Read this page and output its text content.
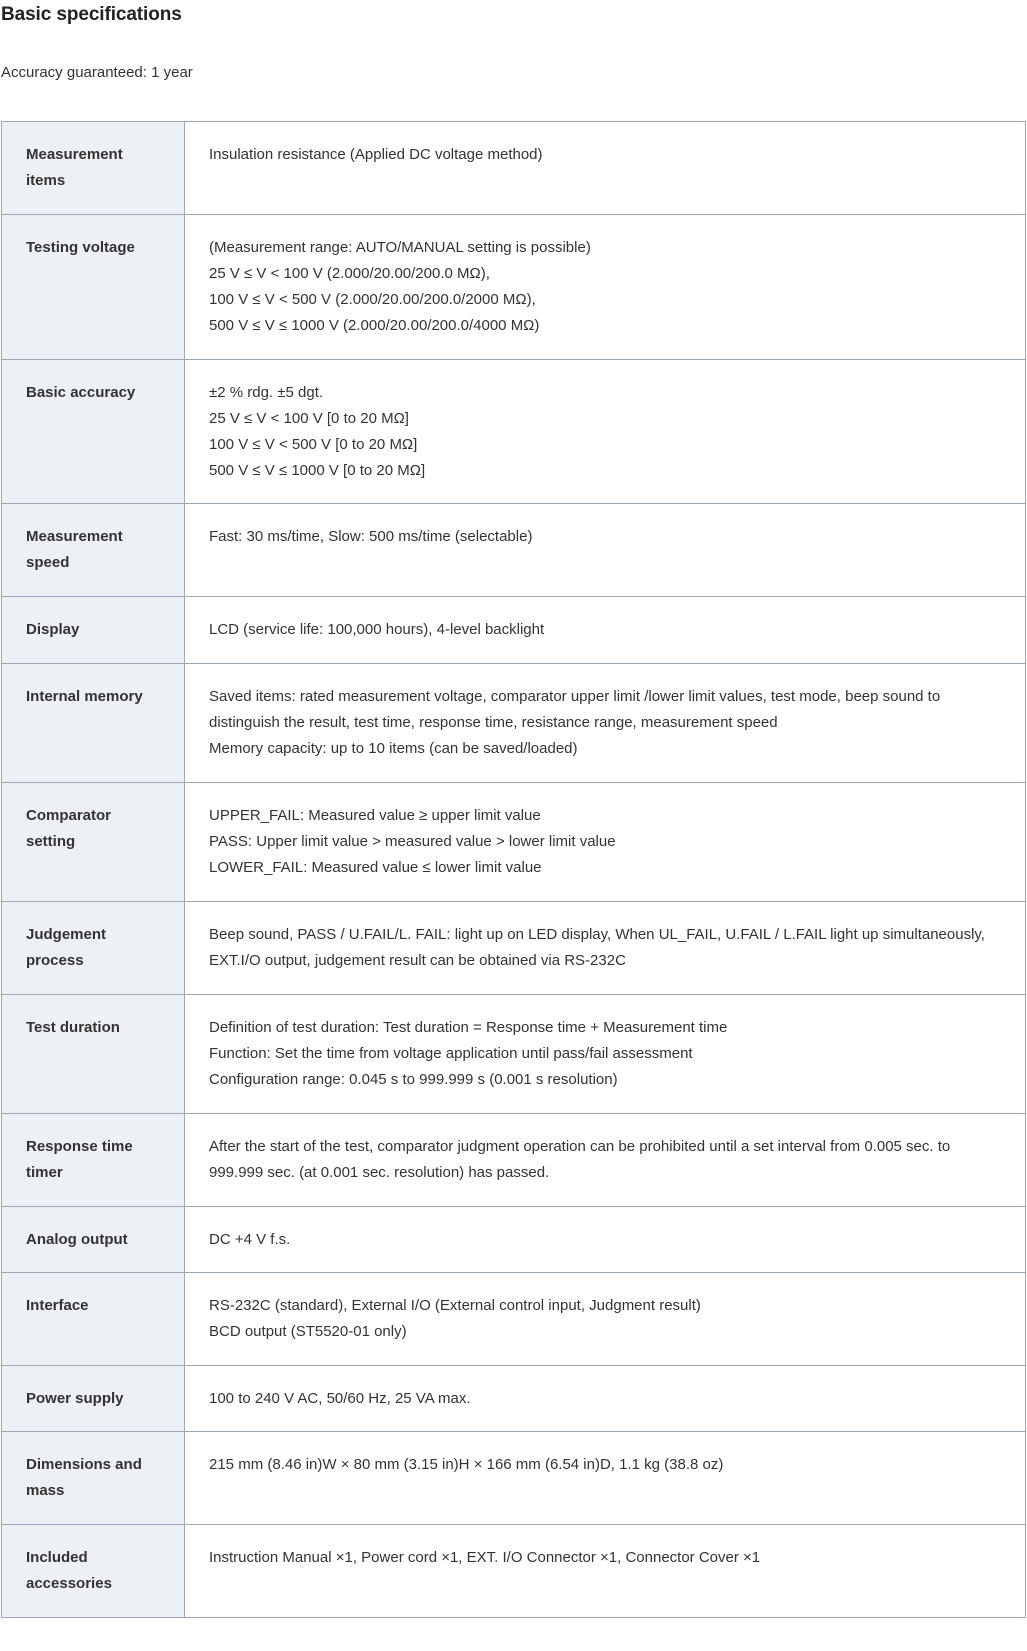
Basic specifications

Accuracy guaranteed: 1 year

Measurement items	Insulation resistance (Applied DC voltage method)

Testing voltage	(Measurement range: AUTO/MANUAL setting is possible)
25 V ≤ V < 100 V (2.000/20.00/200.0 MΩ),
100 V ≤ V < 500 V (2.000/20.00/200.0/2000 MΩ),
500 V ≤ V ≤ 1000 V (2.000/20.00/200.0/4000 MΩ)

Basic accuracy	±2 % rdg. ±5 dgt.
25 V ≤ V < 100 V [0 to 20 MΩ]
100 V ≤ V < 500 V [0 to 20 MΩ]
500 V ≤ V ≤ 1000 V [0 to 20 MΩ]

Measurement speed	Fast: 30 ms/time, Slow: 500 ms/time (selectable)

Display	LCD (service life: 100,000 hours), 4-level backlight

Internal memory	Saved items: rated measurement voltage, comparator upper limit /lower limit values, test mode, beep sound to distinguish the result, test time, response time, resistance range, measurement speed
Memory capacity: up to 10 items (can be saved/loaded)

Comparator setting	UPPER_FAIL: Measured value ≥ upper limit value
PASS: Upper limit value > measured value > lower limit value
LOWER_FAIL: Measured value ≤ lower limit value

Judgement process	Beep sound, PASS / U.FAIL/L. FAIL: light up on LED display, When UL_FAIL, U.FAIL / L.FAIL light up simultaneously, EXT.I/O output, judgement result can be obtained via RS-232C

Test duration	Definition of test duration: Test duration = Response time + Measurement time
Function: Set the time from voltage application until pass/fail assessment
Configuration range: 0.045 s to 999.999 s (0.001 s resolution)

Response time timer	After the start of the test, comparator judgment operation can be prohibited until a set interval from 0.005 sec. to 999.999 sec. (at 0.001 sec. resolution) has passed.

Analog output	DC +4 V f.s.

Interface	RS-232C (standard), External I/O (External control input, Judgment result)
BCD output (ST5520-01 only)

Power supply	100 to 240 V AC, 50/60 Hz, 25 VA max.

Dimensions and mass	215 mm (8.46 in)W × 80 mm (3.15 in)H × 166 mm (6.54 in)D, 1.1 kg (38.8 oz)

Included accessories	Instruction Manual ×1, Power cord ×1, EXT. I/O Connector ×1, Connector Cover ×1
